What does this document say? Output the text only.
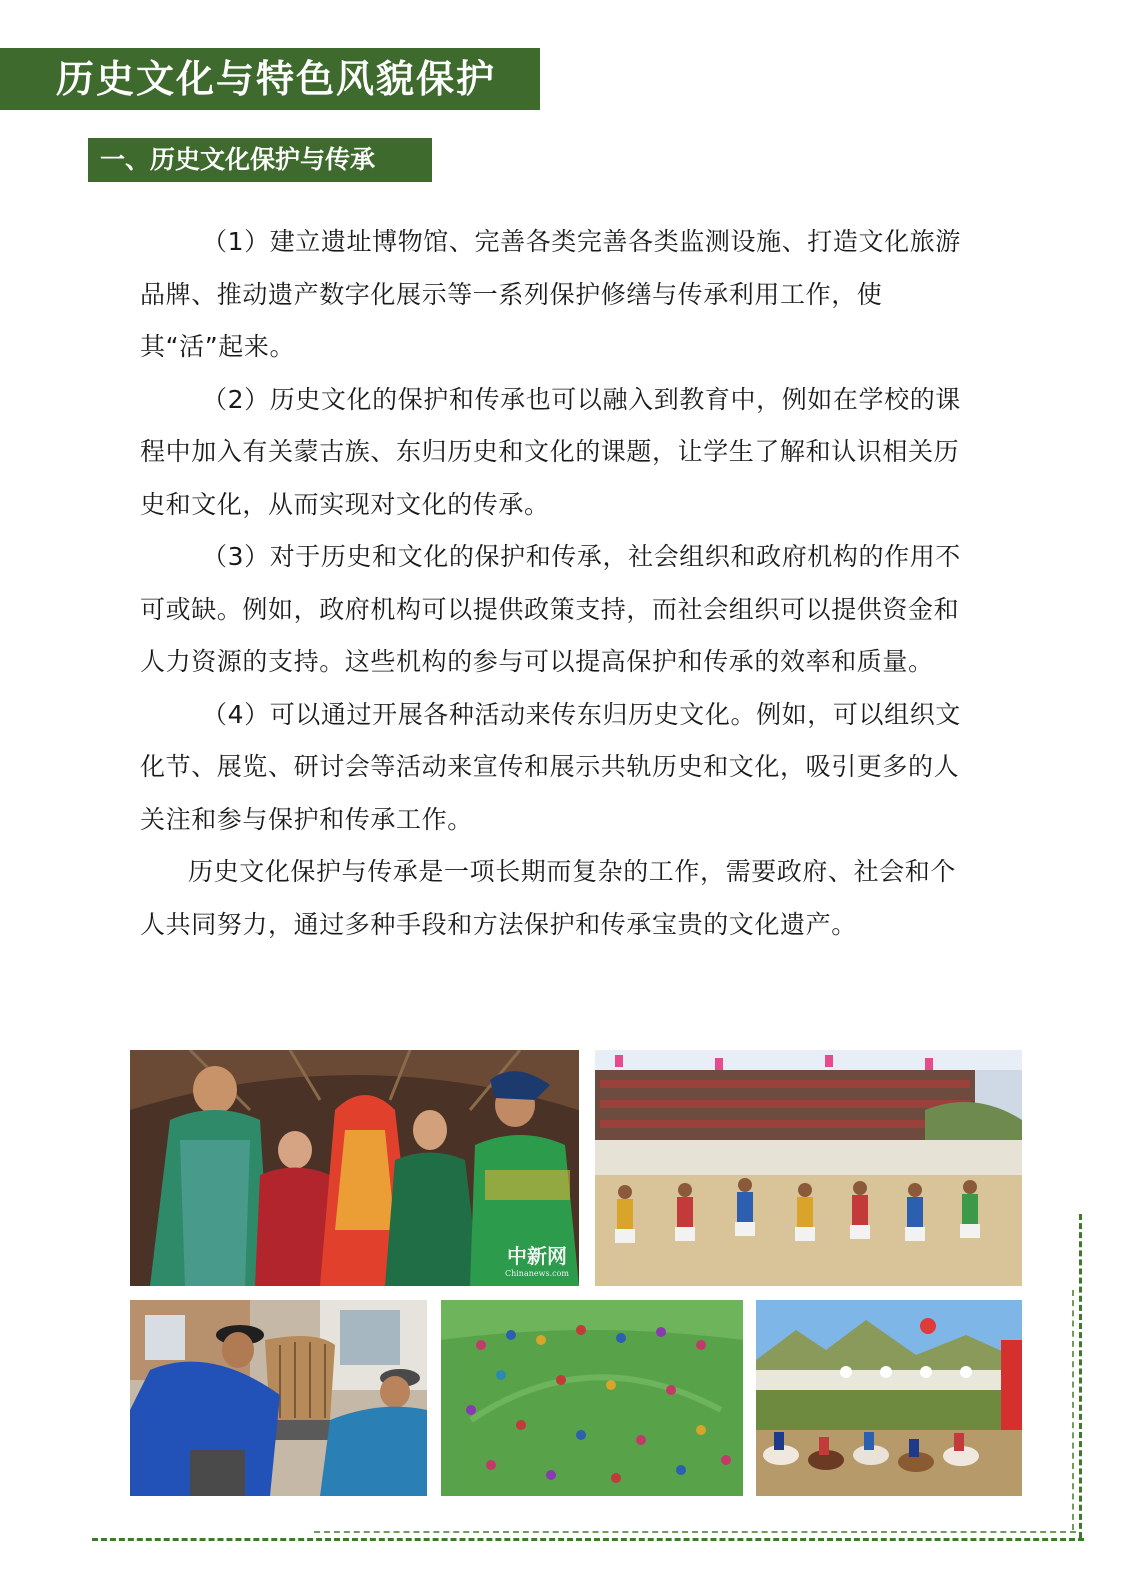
历史文化与特色风貌保护
一、历史文化保护与传承

（1）建立遗址博物馆、完善各类完善各类监测设施、打造文化旅游品牌、推动遗产数字化展示等一系列保护修缮与传承利用工作，使其“活”起来。

（2）历史文化的保护和传承也可以融入到教育中，例如在学校的课程中加入有关蒙古族、东归历史和文化的课题，让学生了解和认识相关历史和文化，从而实现对文化的传承。

（3）对于历史和文化的保护和传承，社会组织和政府机构的作用不可或缺。例如，政府机构可以提供政策支持，而社会组织可以提供资金和人力资源的支持。这些机构的参与可以提高保护和传承的效率和质量。

（4）可以通过开展各种活动来传东归历史文化。例如，可以组织文化节、展览、研讨会等活动来宣传和展示共轨历史和文化，吸引更多的人关注和参与保护和传承工作。

历史文化保护与传承是一项长期而复杂的工作，需要政府、社会和个人共同努力，通过多种手段和方法保护和传承宝贵的文化遗产。

中新网
Chinanews.com
